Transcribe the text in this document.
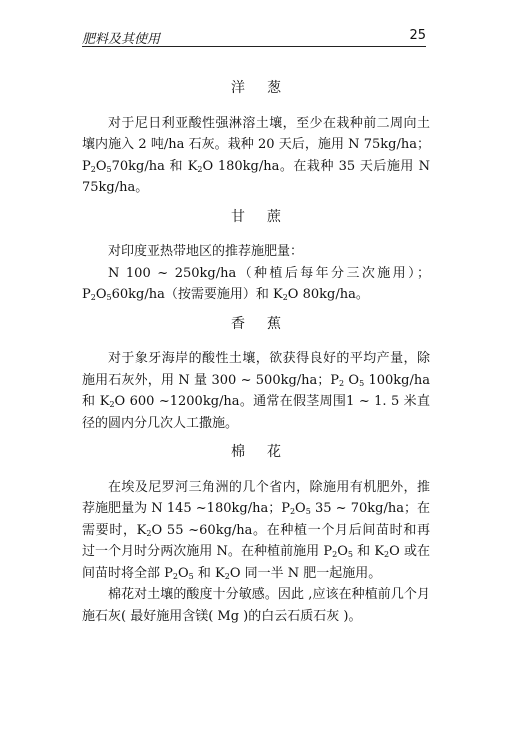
肥料及其使用	25
洋葱

对于尼日利亚酸性强淋溶土壤，至少在栽种前二周向土壤内施入 2 吨/ha 石灰。栽种 20 天后，施用 N 75kg/ha；$P_2O_570kg/ha$ 和 $K_2O$ 180kg/ha。在栽种 35 天后施用 N 75kg/ha。

甘蔗

对印度亚热带地区的推荐施肥量：

N 100 ~ 250kg/ha（种植后每年分三次施用）；$P_2O_560kg/ha$（按需要施用）和 $K_2O$ 80kg/ha。

香蕉

对于象牙海岸的酸性土壤，欲获得良好的平均产量，除施用石灰外，用 N 量 300 ~ 500kg/ha；$P_2$ $O_5$ 100kg/ha 和 $K_2O$ 600 ~1200kg/ha。通常在假茎周围1 ~ 1. 5 米直径的圆内分几次人工撒施。

棉花

在埃及尼罗河三角洲的几个省内，除施用有机肥外，推荐施肥量为 N 145 ~180kg/ha；$P_2O_5$ 35 ~ 70kg/ha；在需要时，$K_2O$ 55 ~60kg/ha。在种植一个月后间苗时和再过一个月时分两次施用 N。在种植前施用 $P_2O_5$ 和 $K_2O$ 或在间苗时将全部 $P_2O_5$ 和 $K_2O$ 同一半 N 肥一起施用。

棉花对土壤的酸度十分敏感。因此 ,应该在种植前几个月施石灰( 最好施用含镁( Mg )的白云石质石灰 )。
